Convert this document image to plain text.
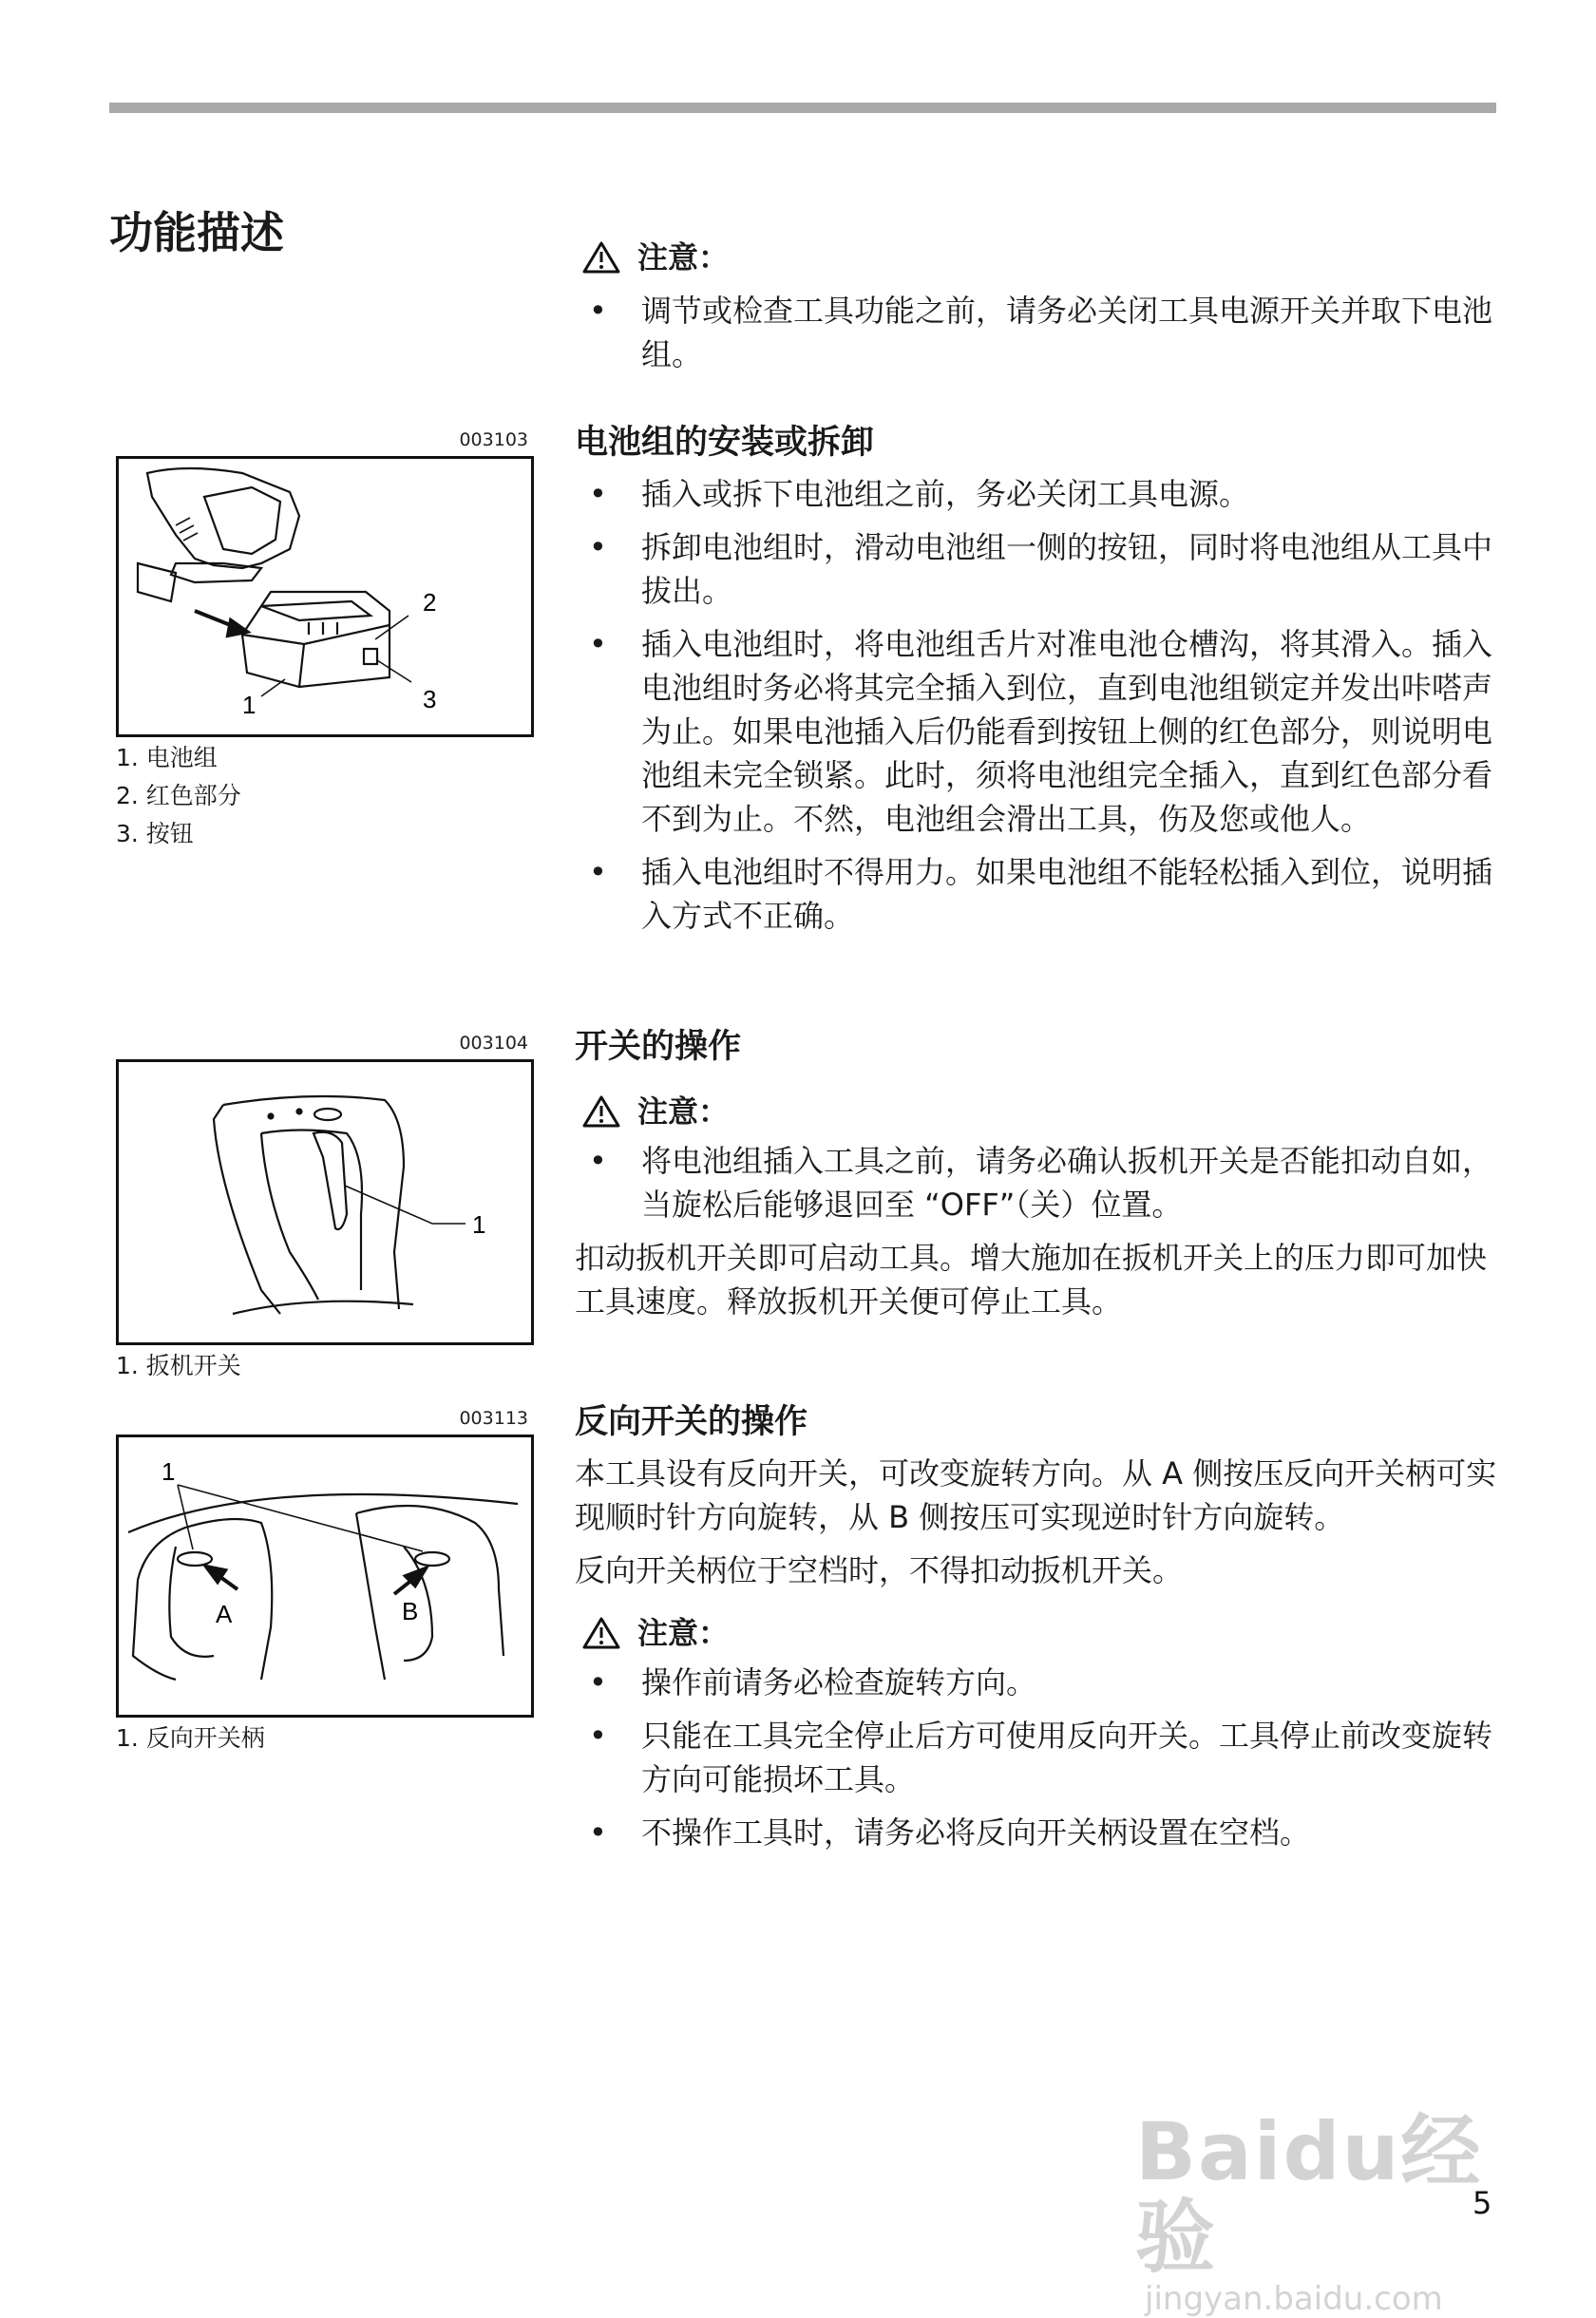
功能描述
003103
1
2
3
1. 电池组
2. 红色部分
3. 按钮
003104
1
1. 扳机开关
003113
1
A	B
1. 反向开关柄
注意：
• 调节或检查工具功能之前，请务必关闭工具电源开关并取下电池组。
电池组的安装或拆卸
• 插入或拆下电池组之前，务必关闭工具电源。
• 拆卸电池组时，滑动电池组一侧的按钮，同时将电池组从工具中拔出。
• 插入电池组时，将电池组舌片对准电池仓槽沟，将其滑入。插入电池组时务必将其完全插入到位，直到电池组锁定并发出咔嗒声为止。如果电池插入后仍能看到按钮上侧的红色部分，则说明电池组未完全锁紧。此时，须将电池组完全插入，直到红色部分看不到为止。不然，电池组会滑出工具，伤及您或他人。
• 插入电池组时不得用力。如果电池组不能轻松插入到位，说明插入方式不正确。
开关的操作
注意：
• 将电池组插入工具之前，请务必确认扳机开关是否能扣动自如，当旋松后能够退回至 “OFF”（关）位置。

扣动扳机开关即可启动工具。增大施加在扳机开关上的压力即可加快工具速度。释放扳机开关便可停止工具。

反向开关的操作

本工具设有反向开关，可改变旋转方向。从 A 侧按压反向开关柄可实现顺时针方向旋转，从 B 侧按压可实现逆时针方向旋转。

反向开关柄位于空档时，不得扣动扳机开关。

注意：
• 操作前请务必检查旋转方向。
• 只能在工具完全停止后方可使用反向开关。工具停止前改变旋转方向可能损坏工具。
• 不操作工具时，请务必将反向开关柄设置在空档。
Baidu经验
jingyan.baidu.com
5
